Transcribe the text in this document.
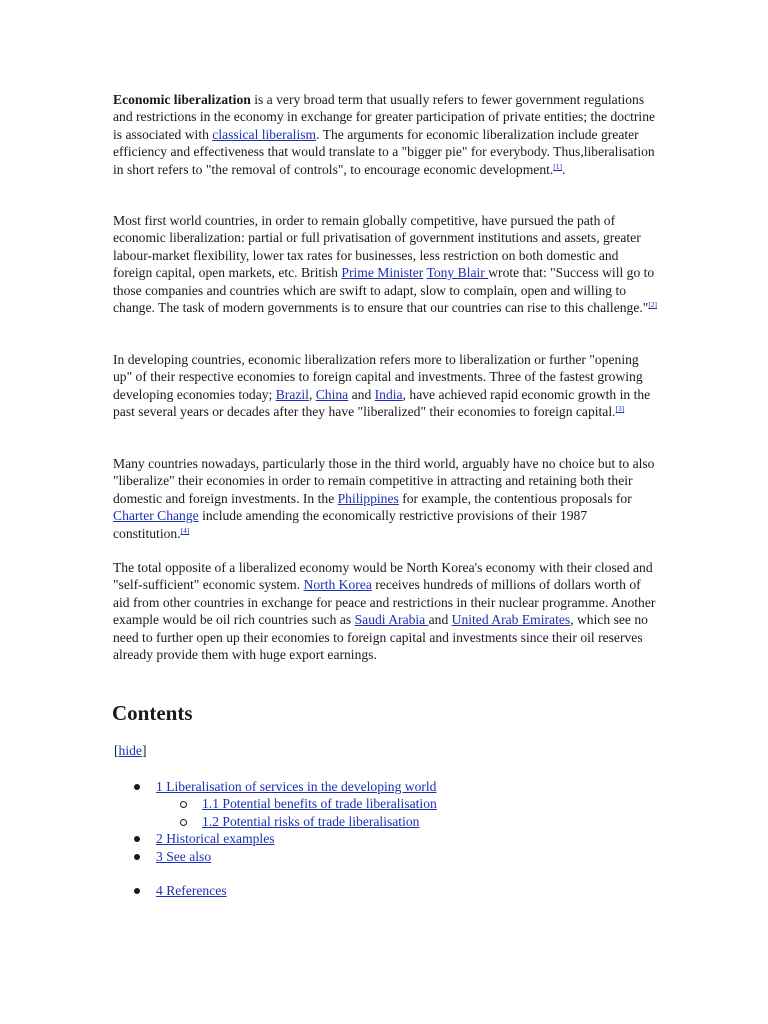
Economic liberalization is a very broad term that usually refers to fewer government regulations and restrictions in the economy in exchange for greater participation of private entities; the doctrine is associated with classical liberalism. The arguments for economic liberalization include greater efficiency and effectiveness that would translate to a "bigger pie" for everybody. Thus,liberalisation in short refers to "the removal of controls", to encourage economic development.[1].

Most first world countries, in order to remain globally competitive, have pursued the path of economic liberalization: partial or full privatisation of government institutions and assets, greater labour-market flexibility, lower tax rates for businesses, less restriction on both domestic and foreign capital, open markets, etc. British Prime Minister Tony Blair wrote that: "Success will go to those companies and countries which are swift to adapt, slow to complain, open and willing to change. The task of modern governments is to ensure that our countries can rise to this challenge."[2]

In developing countries, economic liberalization refers more to liberalization or further "opening up" of their respective economies to foreign capital and investments. Three of the fastest growing developing economies today; Brazil, China and India, have achieved rapid economic growth in the past several years or decades after they have "liberalized" their economies to foreign capital.[3]

Many countries nowadays, particularly those in the third world, arguably have no choice but to also "liberalize" their economies in order to remain competitive in attracting and retaining both their domestic and foreign investments. In the Philippines for example, the contentious proposals for Charter Change include amending the economically restrictive provisions of their 1987 constitution.[4]

The total opposite of a liberalized economy would be North Korea's economy with their closed and "self-sufficient" economic system. North Korea receives hundreds of millions of dollars worth of aid from other countries in exchange for peace and restrictions in their nuclear programme. Another example would be oil rich countries such as Saudi Arabia and United Arab Emirates, which see no need to further open up their economies to foreign capital and investments since their oil reserves already provide them with huge export earnings.

Contents
[hide]
1 Liberalisation of services in the developing world
1.1 Potential benefits of trade liberalisation
1.2 Potential risks of trade liberalisation
2 Historical examples
3 See also
4 References
